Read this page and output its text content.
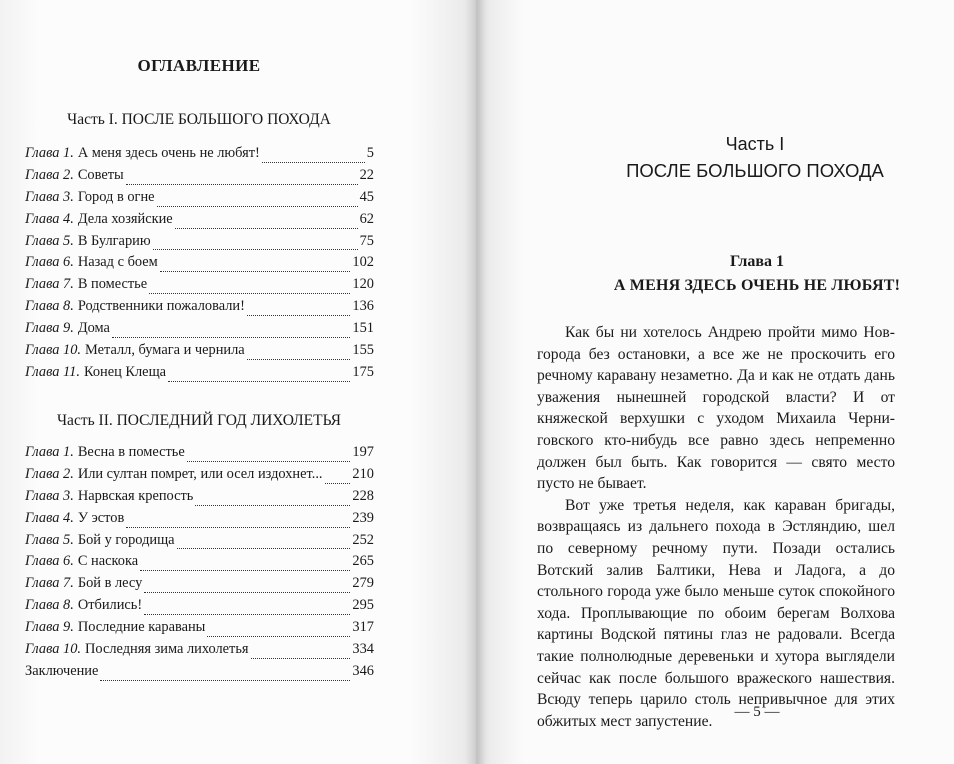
ОГЛАВЛЕНИЕ
Часть I. ПОСЛЕ БОЛЬШОГО ПОХОДА
Глава 1. А меня здесь очень не любят!	5
Глава 2. Советы	22
Глава 3. Город в огне	45
Глава 4. Дела хозяйские	62
Глава 5. В Булгарию	75
Глава 6. Назад с боем	102
Глава 7. В поместье	120
Глава 8. Родственники пожаловали!	136
Глава 9. Дома	151
Глава 10. Металл, бумага и чернила	155
Глава 11. Конец Клеща	175
Часть II. ПОСЛЕДНИЙ ГОД ЛИХОЛЕТЬЯ
Глава 1. Весна в поместье	197
Глава 2. Или султан помрет, или осел издохнет... 210
Глава 3. Нарвская крепость	228
Глава 4. У эстов	239
Глава 5. Бой у городища	252
Глава 6. С наскока	265
Глава 7. Бой в лесу	279
Глава 8. Отбились!	295
Глава 9. Последние караваны	317
Глава 10. Последняя зима лихолетья	334
Заключение	346
Часть I
ПОСЛЕ БОЛЬШОГО ПОХОДА
Глава 1
А МЕНЯ ЗДЕСЬ ОЧЕНЬ НЕ ЛЮБЯТ!
— 5 —

Как бы ни хотелось Андрею пройти мимо Новгорода без остановки, а все же не проскочить его речному каравану незаметно. Да и как не отдать дань уважения нынешней городской власти? И от княжеской верхушки с уходом Михаила Черниговского кто-нибудь все равно здесь непременно должен был быть. Как говорится — свято место пусто не бывает.

Вот уже третья неделя, как караван бригады, возвращаясь из дальнего похода в Эстляндию, шел по северному речному пути. Позади остались Вотский залив Балтики, Нева и Ладога, а до стольного города уже было меньше суток спокойного хода. Проплывающие по обоим берегам Волхова картины Водской пятины глаз не радовали. Всегда такие полнолюдные деревеньки и хутора выглядели сейчас как после большого вражеского нашествия. Всюду теперь царило столь непривычное для этих обжитых мест запустение.
